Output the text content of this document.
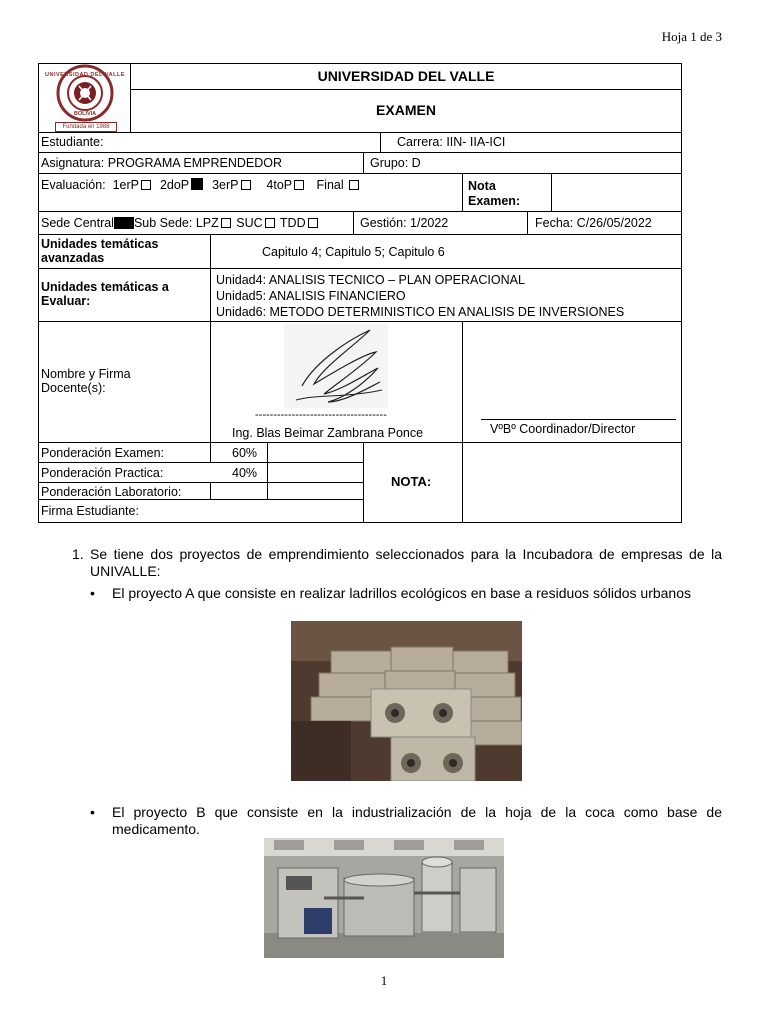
Hoja 1 de 3
UNIVERSIDAD DEL VALLE
BOLIVIA
Fundada en 1988
UNIVERSIDAD DEL VALLE
EXAMEN
Estudiante:	Carrera: IIN- IIA-ICI
Asignatura: PROGRAMA EMPRENDEDOR	Grupo: D
Evaluación: 1erP 2doP 3erP 4toP Final	Nota Examen:
Sede Central Sub Sede: LPZ SUC TDD	Gestión: 1/2022	Fecha: C/26/05/2022
Unidades temáticas avanzadas	Capitulo 4; Capitulo 5; Capitulo 6
Unidades temáticas a Evaluar:
Unidad4: ANALISIS TECNICO – PLAN OPERACIONAL
Unidad5: ANALISIS FINANCIERO
Unidad6: METODO DETERMINISTICO EN ANALISIS DE INVERSIONES
Nombre y Firma Docente(s):
------------------------------------
Ing. Blas Beimar Zambrana Ponce	VºBº Coordinador/Director
Ponderación Examen:	60%
Ponderación Practica:	40%
Ponderación Laboratorio:
Firma Estudiante:
NOTA:
1. Se tiene dos proyectos de emprendimiento seleccionados para la Incubadora de empresas de la UNIVALLE:
• El proyecto A que consiste en realizar ladrillos ecológicos en base a residuos sólidos urbanos
• El proyecto B que consiste en la industrialización de la hoja de la coca como base de medicamento.
1
